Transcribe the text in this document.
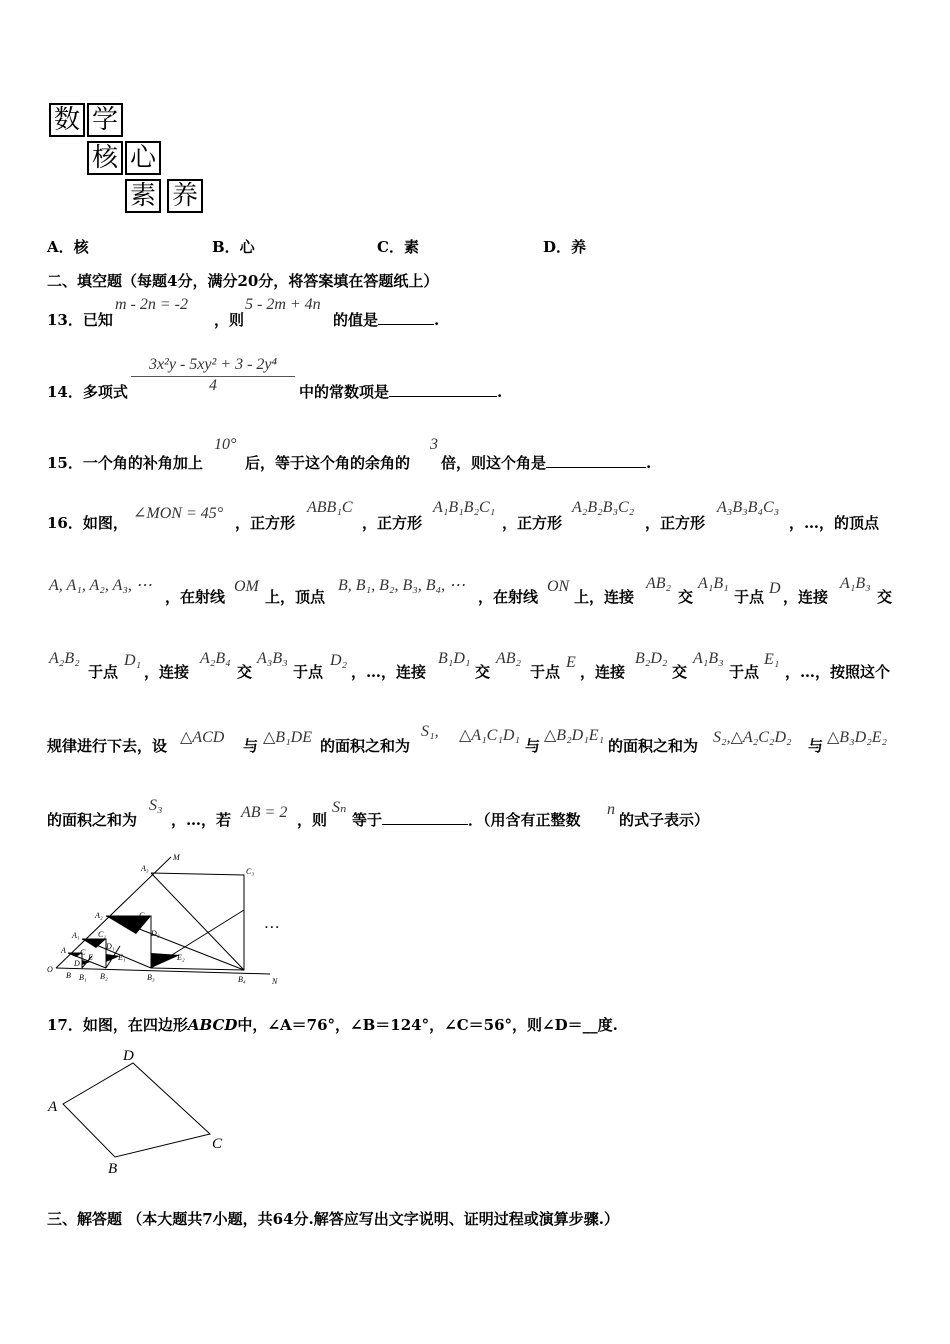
数 学
核 心
素 养
A．核	B．心	C．素	D．养
二、填空题（每题4分，满分20分，将答案填在答题纸上）
13．已知
m - 2n = -2
，则
5 - 2m + 4n
的值是	.
14．多项式 $\frac{\text{3x²y - 5xy² + 3 - 2y⁴}}{4}$ 中的常数项是	.
15．一个角的补角加上
10°
后，等于这个角的余角的
3
倍，则这个角是	.
16．如图，
∠MON = 45°
，正方形
ABB₁C
，正方形
A₁B₁B₂C₁
，正方形
A₂B₂B₃C₂
，正方形
A₃B₃B₄C₃
，…，的顶点
A, A₁, A₂, A₃, ⋯
，在射线
OM
上，顶点
B, B₁, B₂, B₃, B₄, ⋯
，在射线
ON
上，连接
AB₂
交
A₁B₁
于点 D ，连接
A₁B₃
交
A₂B₂
于点
D₁
，连接
A₂B₄
交
A₃B₃
于点
D₂
，…，连接
B₁D₁
交
AB₂
于点
E
，连接
B₂D₂
交
A₁B₃
于点
E₁
，…，按照这个
规律进行下去，设 △ACD 与 △B₁DE 的面积之和为
S₁, △A₁C₁D₁
与
△B₂D₁E₁
的面积之和为 S₂,△A₂C₂D₂ 与 △B₃D₂E₂
的面积之和为
S₃
，…，若 AB = 2 ，则
Sₙ
等于	．（用含有正整数
n
的式子表示）
M
A₃	C₃
A₂	C₂
D₂
A₁ C₁
D₁
A C
D
E	E₁	E₂
O
B B₁ B₂	B₃	B₄	N
…
17．如图，在四边形ABCD中，∠A＝76°，∠B＝124°，∠C＝56°，则∠D＝__度.
D
A
C
B
三、解答题 （本大题共7小题，共64分.解答应写出文字说明、证明过程或演算步骤.）
